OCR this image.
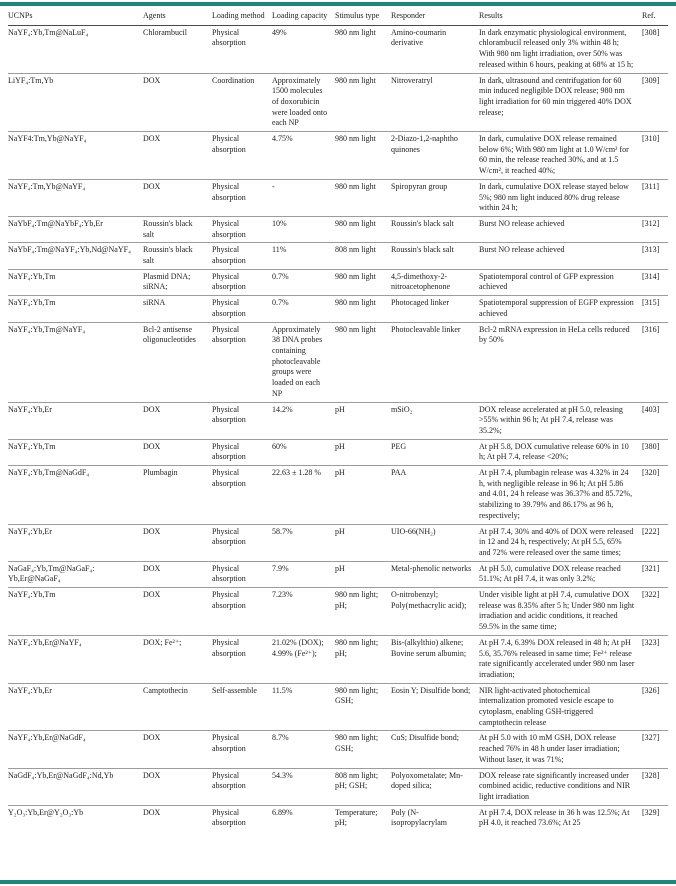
UCNPs	Agents	Loading method	Loading capacity	Stimulus type	Responder	Results	Ref.
NaYF₄:Yb,Tm@NaLuF₄	Chlorambucil	Physical absorption	49%	980 nm light	Amino-coumarin derivative	In dark enzymatic physiological environment, chlorambucil released only 3% within 48 h; With 980 nm light irradiation, over 50% was released within 6 hours, peaking at 68% at 15 h;	[308]
LiYF₄:Tm,Yb	DOX	Coordination	Approximately 1500 molecules of doxorubicin were loaded onto each NP	980 nm light	Nitroveratryl	In dark, ultrasound and centrifugation for 60 min induced negligible DOX release; 980 nm light irradiation for 60 min triggered 40% DOX release;	[309]
NaYF4:Tm,Yb@NaYF₄	DOX	Physical absorption	4.75%	980 nm light	2-Diazo-1,2-naphtho quinones	In dark, cumulative DOX release remained below 6%; With 980 nm light at 1.0 W/cm² for 60 min, the release reached 30%, and at 1.5 W/cm², it reached 40%;	[310]
NaYF₄:Tm,Yb@NaYF₄	DOX	Physical absorption	-	980 nm light	Spiropyran group	In dark, cumulative DOX release stayed below 5%; 980 nm light induced 80% drug release within 24 h;	[311]
NaYbF₄:Tm@NaYbF₄:Yb,Er	Roussin's black salt	Physical absorption	10%	980 nm light	Roussin's black salt	Burst NO release achieved	[312]
NaYbF₄:Tm@NaYF₄:Yb,Nd@NaYF₄	Roussin's black salt	Physical absorption	11%	808 nm light	Roussin's black salt	Burst NO release achieved	[313]
NaYF₄:Yb,Tm	Plasmid DNA; siRNA;	Physical absorption	0.7%	980 nm light	4,5-dimethoxy-2-nitroacetophenone	Spatiotemporal control of GFP expression achieved	[314]
NaYF₄:Yb,Tm	siRNA	Physical absorption	0.7%	980 nm light	Photocaged linker	Spatiotemporal suppression of EGFP expression achieved	[315]
NaYF₄:Yb,Tm@NaYF₄	Bcl-2 antisense oligonucleotides	Physical absorption	Approximately 38 DNA probes containing photocleavable groups were loaded on each NP	980 nm light	Photocleavable linker	Bcl-2 mRNA expression in HeLa cells reduced by 50%	[316]
NaYF₄:Yb,Er	DOX	Physical absorption	14.2%	pH	mSiO₂	DOX release accelerated at pH 5.0, releasing >55% within 96 h; At pH 7.4, release was 35.2%;	[403]
NaYF₄:Yb,Tm	DOX	Physical absorption	60%	pH	PEG	At pH 5.8, DOX cumulative release 60% in 10 h; At pH 7.4, release <20%;	[380]
NaYF₄:Yb,Tm@NaGdF₄	Plumbagin	Physical absorption	22.63 ± 1.28 %	pH	PAA	At pH 7.4, plumbagin release was 4.32% in 24 h, with negligible release in 96 h; At pH 5.86 and 4.01, 24 h release was 36.37% and 85.72%, stabilizing to 39.79% and 86.17% at 96 h, respectively;	[320]
NaYF₄:Yb,Er	DOX	Physical absorption	58.7%	pH	UIO-66(NH₂)	At pH 7.4, 30% and 40% of DOX were released in 12 and 24 h, respectively; At pH 5.5, 65% and 72% were released over the same times;	[222]
NaGaF₄:Yb,Tm@NaGaF₄: Yb,Er@NaGaF₄	DOX	Physical absorption	7.9%	pH	Metal-phenolic networks	At pH 5.0, cumulative DOX release reached 51.1%; At pH 7.4, it was only 3.2%;	[321]
NaYF₄:Yb,Tm	DOX	Physical absorption	7.23%	980 nm light; pH;	O-nitrobenzyl; Poly(methacrylic acid);	Under visible light at pH 7.4, cumulative DOX release was 8.35% after 5 h; Under 980 nm light irradiation and acidic conditions, it reached 59.5% in the same time;	[322]
NaYF₄:Yb,Er@NaYF₄	DOX; Fe²⁺;	Physical absorption	21.02% (DOX); 4.99% (Fe²⁺);	980 nm light; pH;	Bis-(alkylthio) alkene; Bovine serum albumin;	At pH 7.4, 6.39% DOX released in 48 h; At pH 5.6, 35.76% released in same time; Fe²⁺ release rate significantly accelerated under 980 nm laser irradiation;	[323]
NaYF₄:Yb,Er	Camptothecin	Self-assemble	11.5%	980 nm light; GSH;	Eosin Y; Disulfide bond;	NIR light-activated photochemical internalization promoted vesicle escape to cytoplasm, enabling GSH-triggered camptothecin release	[326]
NaYF₄:Yb,Er@NaGdF₄	DOX	Physical absorption	8.7%	980 nm light; GSH;	CuS; Disulfide bond;	At pH 5.0 with 10 mM GSH, DOX release reached 76% in 48 h under laser irradiation; Without laser, it was 71%;	[327]
NaGdF₄:Yb,Er@NaGdF₄:Nd,Yb	DOX	Physical absorption	54.3%	808 nm light; pH; GSH;	Polyoxometalate; Mn-doped silica;	DOX release rate significantly increased under combined acidic, reductive conditions and NIR light irradiation	[328]
Y₂O₃:Yb,Er@Y₂O₃:Yb	DOX	Physical absorption	6.89%	Temperature; pH;	Poly (N-isopropylacrylam	At pH 7.4, DOX release in 36 h was 12.5%; At pH 4.0, it reached 73.6%; At 25	[329]
